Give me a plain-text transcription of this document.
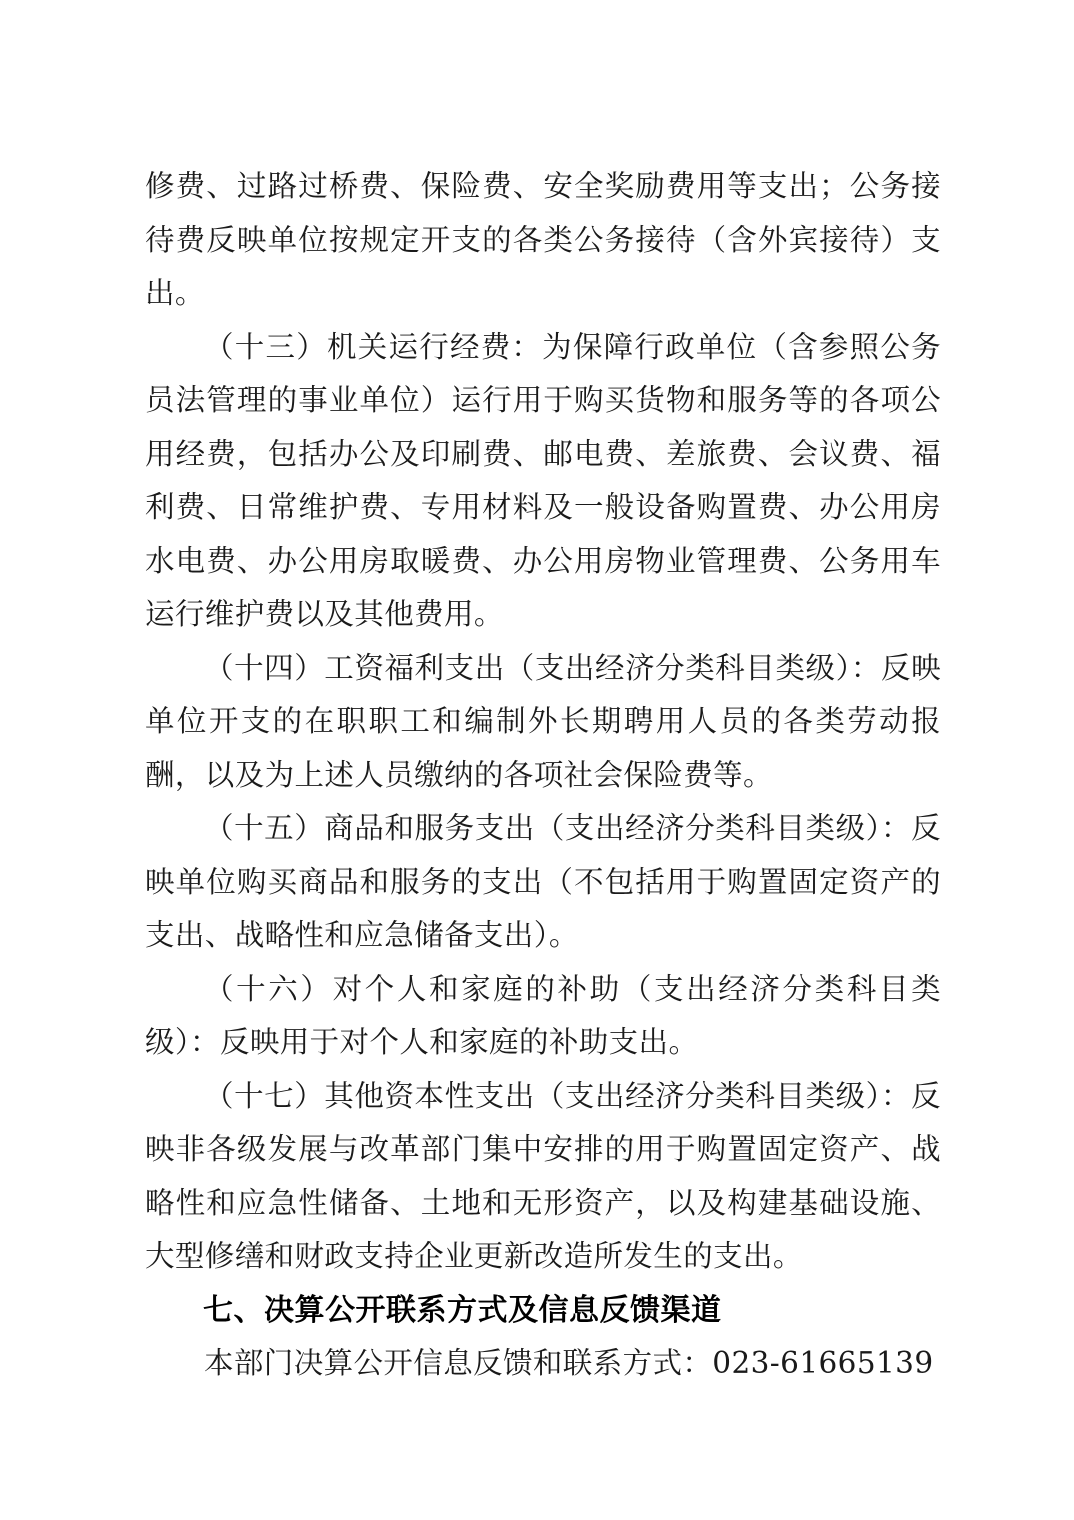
修费、过路过桥费、保险费、安全奖励费用等支出；公务接待费反映单位按规定开支的各类公务接待（含外宾接待）支出。

（十三）机关运行经费：为保障行政单位（含参照公务员法管理的事业单位）运行用于购买货物和服务等的各项公用经费，包括办公及印刷费、邮电费、差旅费、会议费、福利费、日常维护费、专用材料及一般设备购置费、办公用房水电费、办公用房取暖费、办公用房物业管理费、公务用车运行维护费以及其他费用。

（十四）工资福利支出（支出经济分类科目类级）：反映单位开支的在职职工和编制外长期聘用人员的各类劳动报酬，以及为上述人员缴纳的各项社会保险费等。

（十五）商品和服务支出（支出经济分类科目类级）：反映单位购买商品和服务的支出（不包括用于购置固定资产的支出、战略性和应急储备支出）。

（十六）对个人和家庭的补助（支出经济分类科目类级）：反映用于对个人和家庭的补助支出。

（十七）其他资本性支出（支出经济分类科目类级）：反映非各级发展与改革部门集中安排的用于购置固定资产、战略性和应急性储备、土地和无形资产，以及构建基础设施、大型修缮和财政支持企业更新改造所发生的支出。

七、决算公开联系方式及信息反馈渠道

本部门决算公开信息反馈和联系方式：023-61665139
